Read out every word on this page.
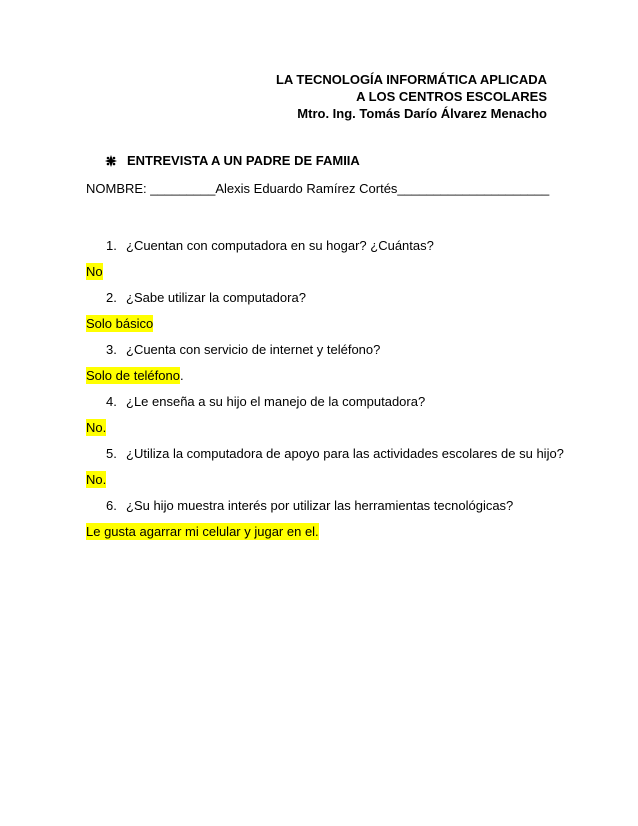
LA TECNOLOGÍA INFORMÁTICA APLICADA
A LOS CENTROS ESCOLARES
Mtro. Ing. Tomás Darío Álvarez Menacho
ENTREVISTA A UN PADRE DE FAMIIA
NOMBRE: _________Alexis Eduardo Ramírez Cortés_____________________
1. ¿Cuentan con computadora en su hogar? ¿Cuántas?
No
2. ¿Sabe utilizar la computadora?
Solo básico
3. ¿Cuenta con servicio de internet y teléfono?
Solo de teléfono.
4. ¿Le enseña a su hijo el manejo de la computadora?
No.
5. ¿Utiliza la computadora de apoyo para las actividades escolares de su hijo?
No.
6. ¿Su hijo muestra interés por utilizar las herramientas tecnológicas?
Le gusta agarrar mi celular y jugar en el.
